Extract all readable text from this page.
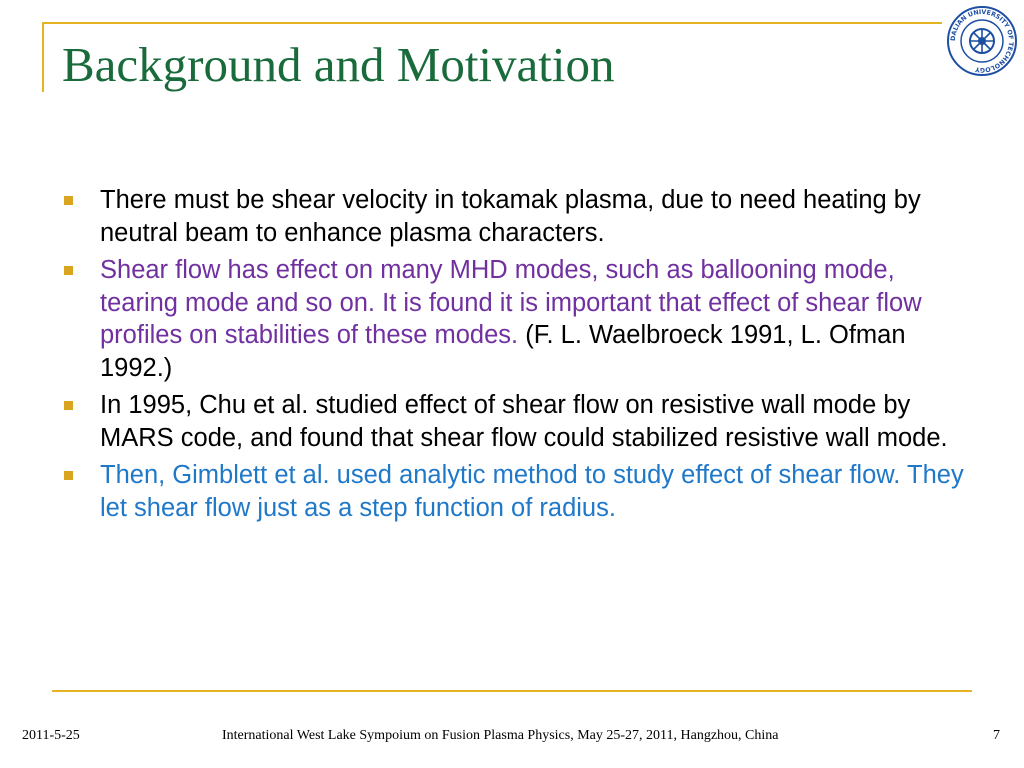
Background and Motivation	DALIAN UNIVERSITY OF TECHNOLOGY
There must be shear velocity in tokamak plasma, due to need heating by neutral beam to enhance plasma characters.
Shear flow has effect on many MHD modes, such as ballooning mode, tearing mode and so on. It is found it is important that effect of shear flow profiles on stabilities of these modes. (F. L. Waelbroeck 1991, L. Ofman 1992.)
In 1995, Chu et al. studied effect of shear flow on resistive wall mode by MARS code, and found that shear flow could stabilized resistive wall mode.
Then, Gimblett et al. used analytic method to study effect of shear flow. They let shear flow just as a step function of radius.
2011-5-25	International West Lake Sympoium on Fusion Plasma Physics, May 25-27, 2011, Hangzhou, China	7
